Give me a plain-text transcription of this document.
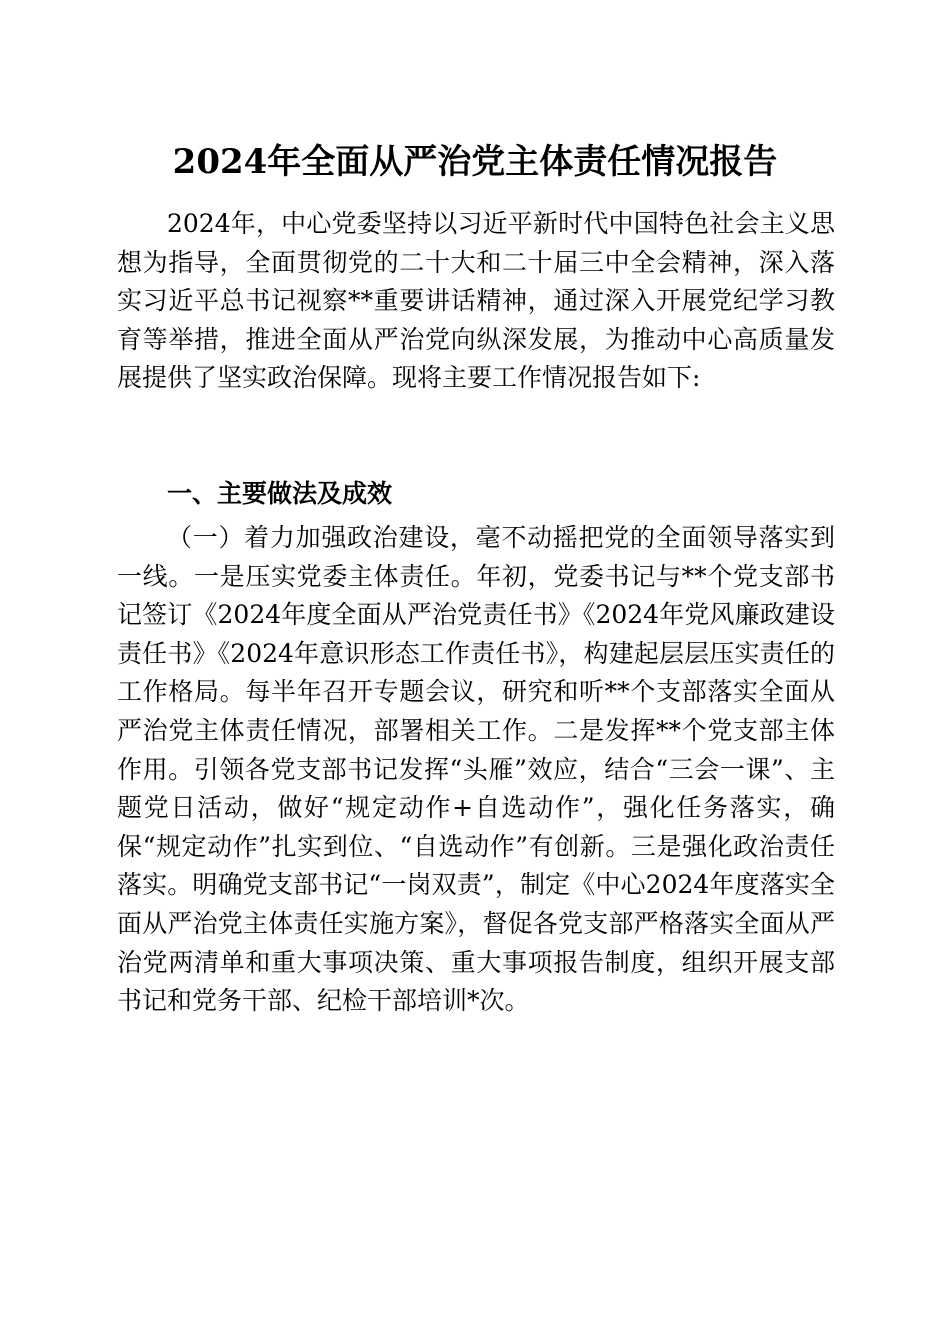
2024年全面从严治党主体责任情况报告

2024年，中心党委坚持以习近平新时代中国特色社会主义思想为指导，全面贯彻党的二十大和二十届三中全会精神，深入落实习近平总书记视察**重要讲话精神，通过深入开展党纪学习教育等举措，推进全面从严治党向纵深发展，为推动中心高质量发展提供了坚实政治保障。现将主要工作情况报告如下:

一、主要做法及成效

（一）着力加强政治建设，毫不动摇把党的全面领导落实到一线。一是压实党委主体责任。年初，党委书记与**个党支部书记签订《2024年度全面从严治党责任书》《2024年党风廉政建设责任书》《2024年意识形态工作责任书》，构建起层层压实责任的工作格局。每半年召开专题会议，研究和听**个支部落实全面从严治党主体责任情况，部署相关工作。二是发挥**个党支部主体作用。引领各党支部书记发挥“头雁”效应，结合“三会一课”、主题党日活动，做好“规定动作+自选动作”，强化任务落实，确保“规定动作”扎实到位、“自选动作”有创新。三是强化政治责任落实。明确党支部书记“一岗双责”，制定《中心2024年度落实全面从严治党主体责任实施方案》，督促各党支部严格落实全面从严治党两清单和重大事项决策、重大事项报告制度，组织开展支部书记和党务干部、纪检干部培训*次。
